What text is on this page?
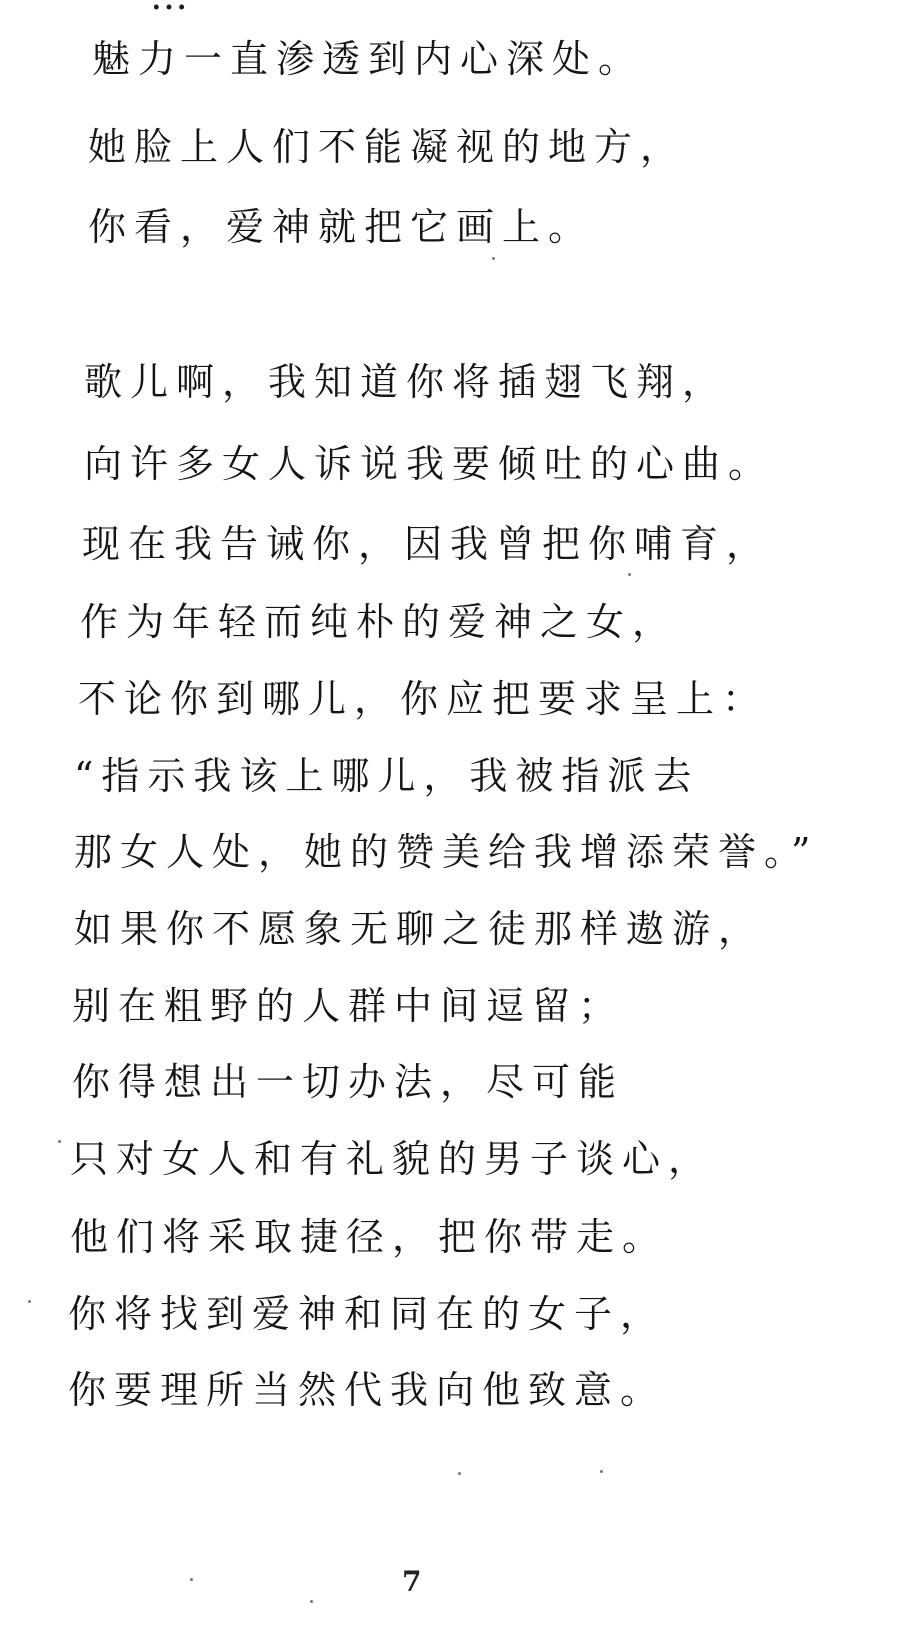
魅力一直渗透到内心深处。
她脸上人们不能凝视的地方，
你看，爱神就把它画上。
歌儿啊，我知道你将插翅飞翔，
向许多女人诉说我要倾吐的心曲。
现在我告诫你，因我曾把你哺育，
作为年轻而纯朴的爱神之女，
不论你到哪儿，你应把要求呈上：
“指示我该上哪儿，我被指派去
那女人处，她的赞美给我增添荣誉。”
如果你不愿象无聊之徒那样遨游，
别在粗野的人群中间逗留；
你得想出一切办法，尽可能
只对女人和有礼貌的男子谈心，
他们将采取捷径，把你带走。
你将找到爱神和同在的女子，
你要理所当然代我向他致意。
7
